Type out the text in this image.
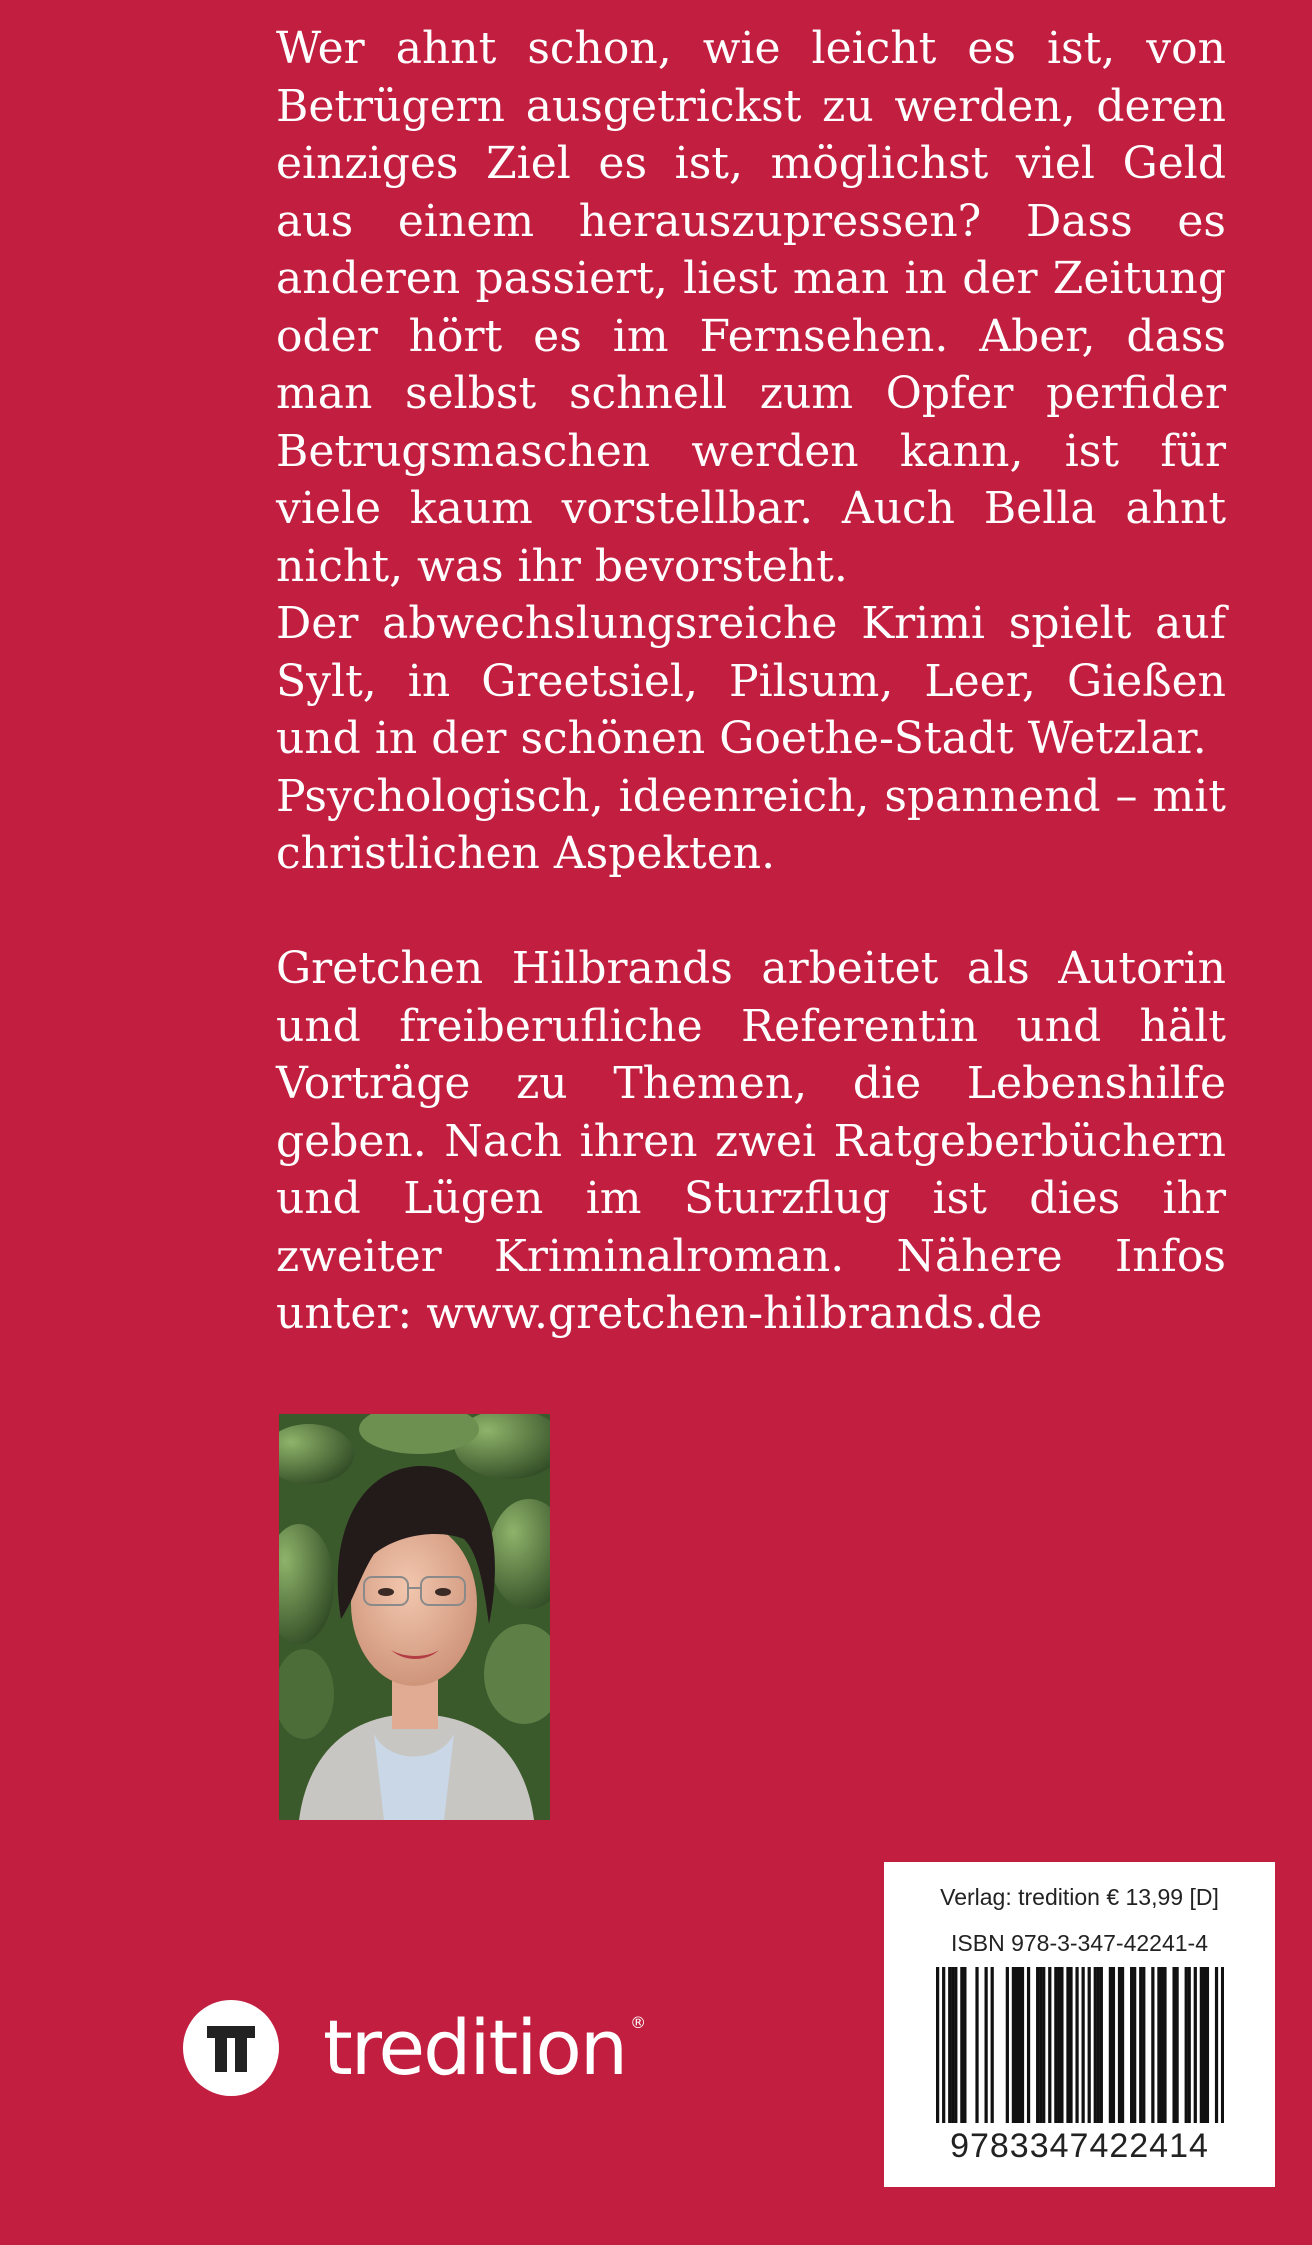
Wer ahnt schon, wie leicht es ist, von Betrügern ausgetrickst zu werden, deren einziges Ziel es ist, möglichst viel Geld aus einem herauszupressen? Dass es anderen passiert, liest man in der Zeitung oder hört es im Fernsehen. Aber, dass man selbst schnell zum Opfer perfider Betrugsmaschen werden kann, ist für viele kaum vorstellbar. Auch Bella ahnt nicht, was ihr bevorsteht.

Der abwechslungsreiche Krimi spielt auf Sylt, in Greetsiel, Pilsum, Leer, Gießen und in der schönen Goethe-Stadt Wetzlar.

Psychologisch, ideenreich, spannend – mit christlichen Aspekten.

Gretchen Hilbrands arbeitet als Autorin und freiberufliche Referentin und hält Vorträge zu Themen, die Lebenshilfe geben. Nach ihren zwei Ratgeberbüchern und Lügen im Sturzflug ist dies ihr zweiter Kriminalroman. Nähere Infos unter: www.gretchen-hilbrands.de

tredition ®
Verlag: tredition € 13,99 [D]
ISBN 978-3-347-42241-4
9783347422414
